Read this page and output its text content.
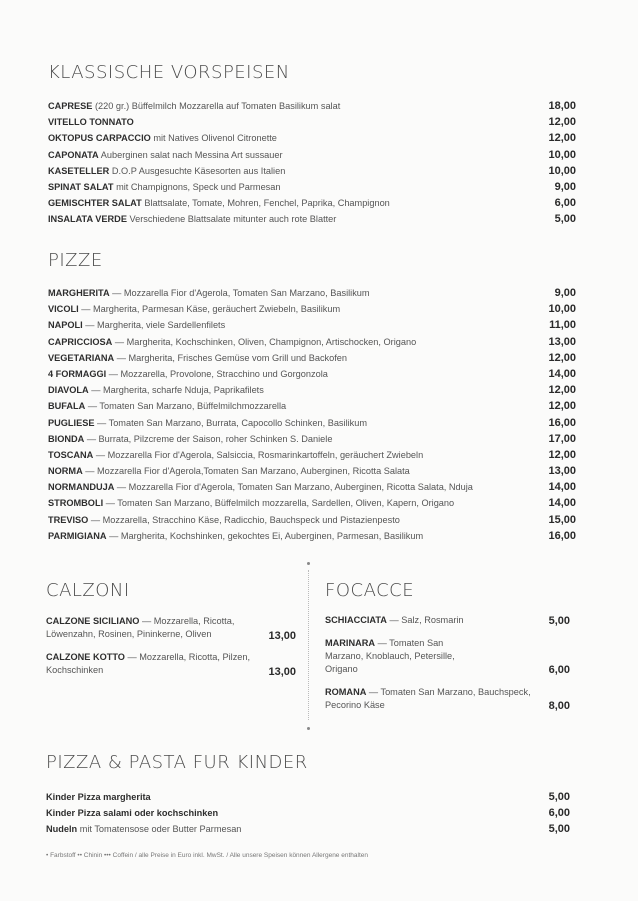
KLASSISCHE VORSPEISEN
CAPRESE (220 gr.) Büffelmilch Mozzarella auf Tomaten Basilikum salat	18,00
VITELLO TONNATO	12,00
OKTOPUS CARPACCIO mit Natives Olivenol Citronette	12,00
CAPONATA Auberginen salat nach Messina Art sussauer	10,00
KASETELLER D.O.P Ausgesuchte Käsesorten aus Italien	10,00
SPINAT SALAT mit Champignons, Speck und Parmesan	9,00
GEMISCHTER SALAT Blattsalate, Tomate, Mohren, Fenchel, Paprika, Champignon	6,00
INSALATA VERDE Verschiedene Blattsalate mitunter auch rote Blatter	5,00
PIZZE
MARGHERITA — Mozzarella Fior d'Agerola, Tomaten San Marzano, Basilikum	9,00
VICOLI — Margherita, Parmesan Käse, geräuchert Zwiebeln, Basilikum	10,00
NAPOLI — Margherita, viele Sardellenfilets	11,00
CAPRICCIOSA — Margherita, Kochschinken, Oliven, Champignon, Artischocken, Origano	13,00
VEGETARIANA — Margherita, Frisches Gemüse vom Grill und Backofen	12,00
4 FORMAGGI — Mozzarella, Provolone, Stracchino und Gorgonzola	14,00
DIAVOLA — Margherita, scharfe Nduja, Paprikafilets	12,00
BUFALA — Tomaten San Marzano, Büffelmilchmozzarella	12,00
PUGLIESE — Tomaten San Marzano, Burrata, Capocollo Schinken, Basilikum	16,00
BIONDA — Burrata, Pilzcreme der Saison, roher Schinken S. Daniele	17,00
TOSCANA — Mozzarella Fior d'Agerola, Salsiccia, Rosmarinkartoffeln, geräuchert Zwiebeln	12,00
NORMA — Mozzarella Fior d'Agerola,Tomaten San Marzano, Auberginen, Ricotta Salata	13,00
NORMANDUJA — Mozzarella Fior d'Agerola, Tomaten San Marzano, Auberginen, Ricotta Salata, Nduja	14,00
STROMBOLI — Tomaten San Marzano, Büffelmilch mozzarella, Sardellen, Oliven, Kapern, Origano	14,00
TREVISO — Mozzarella, Stracchino Käse, Radicchio, Bauchspeck und Pistazienpesto	15,00
PARMIGIANA — Margherita, Kochshinken, gekochtes Ei, Auberginen, Parmesan, Basilikum	16,00
CALZONI
CALZONE SICILIANO — Mozzarella, Ricotta,
Löwenzahn, Rosinen, Pininkerne, Oliven	13,00
CALZONE KOTTO — Mozzarella, Ricotta, Pilzen,
Kochschinken	13,00
FOCACCE
SCHIACCIATA — Salz, Rosmarin	5,00
MARINARA — Tomaten San
Marzano, Knoblauch, Petersille,
Origano	6,00
ROMANA — Tomaten San Marzano, Bauchspeck,
Pecorino Käse	8,00
PIZZA & PASTA FUR KINDER
Kinder Pizza margherita	5,00
Kinder Pizza salami oder kochschinken	6,00
Nudeln mit Tomatensose oder Butter Parmesan	5,00
• Farbstoff •• Chinin ••• Coffein / alle Preise in Euro inkl. MwSt. / Alle unsere Speisen können Allergene enthalten
